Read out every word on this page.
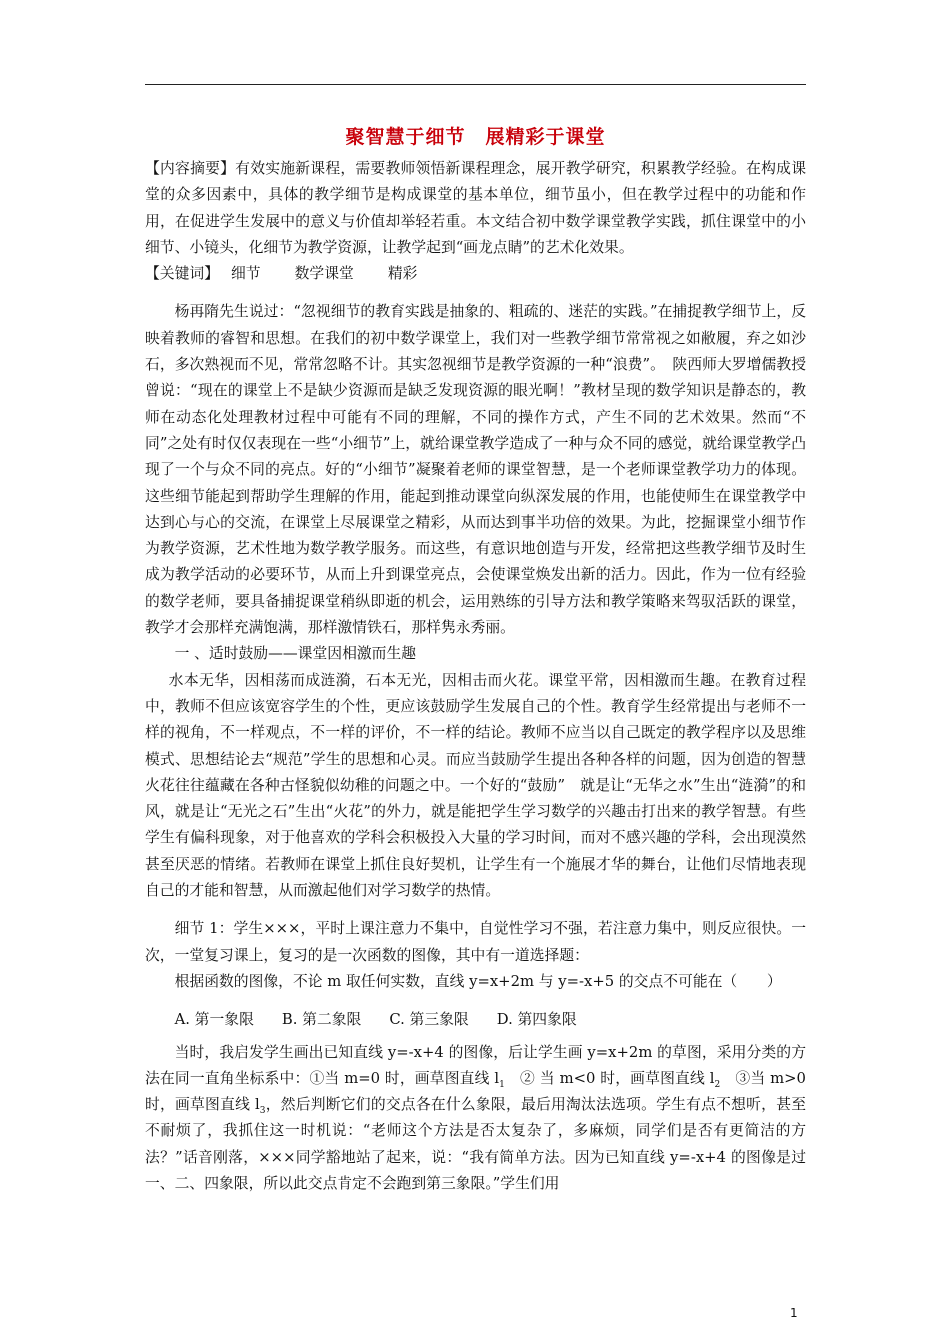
聚智慧于细节　展精彩于课堂

【内容摘要】有效实施新课程，需要教师领悟新课程理念，展开教学研究，积累教学经验。在构成课堂的众多因素中，具体的教学细节是构成课堂的基本单位，细节虽小，但在教学过程中的功能和作用，在促进学生发展中的意义与价值却举轻若重。本文结合初中数学课堂教学实践，抓住课堂中的小细节、小镜头，化细节为教学资源，让教学起到“画龙点睛”的艺术化效果。

【关键词】 细节 数学课堂 精彩

杨再隋先生说过：“忽视细节的教育实践是抽象的、粗疏的、迷茫的实践。”在捕捉教学细节上，反映着教师的睿智和思想。在我们的初中数学课堂上，我们对一些教学细节常常视之如敝履，弃之如沙石，多次熟视而不见，常常忽略不计。其实忽视细节是教学资源的一种“浪费”。　陕西师大罗增儒教授曾说：“现在的课堂上不是缺少资源而是缺乏发现资源的眼光啊！”教材呈现的数学知识是静态的，教师在动态化处理教材过程中可能有不同的理解，不同的操作方式，产生不同的艺术效果。然而“不同”之处有时仅仅表现在一些“小细节”上，就给课堂教学造成了一种与众不同的感觉，就给课堂教学凸现了一个与众不同的亮点。好的“小细节”凝聚着老师的课堂智慧，是一个老师课堂教学功力的体现。这些细节能起到帮助学生理解的作用，能起到推动课堂向纵深发展的作用，也能使师生在课堂教学中达到心与心的交流，在课堂上尽展课堂之精彩，从而达到事半功倍的效果。为此，挖掘课堂小细节作为教学资源，艺术性地为数学教学服务。而这些，有意识地创造与开发，经常把这些教学细节及时生成为教学活动的必要环节，从而上升到课堂亮点，会使课堂焕发出新的活力。因此，作为一位有经验的数学老师，要具备捕捉课堂稍纵即逝的机会，运用熟练的引导方法和教学策略来驾驭活跃的课堂，教学才会那样充满饱满，那样激情铁石，那样隽永秀丽。

一 、适时鼓励——课堂因相激而生趣

水本无华，因相荡而成涟漪，石本无光，因相击而火花。课堂平常，因相激而生趣。在教育过程中，教师不但应该宽容学生的个性，更应该鼓励学生发展自己的个性。教育学生经常提出与老师不一样的视角，不一样观点，不一样的评价，不一样的结论。教师不应当以自己既定的教学程序以及思维模式、思想结论去“规范”学生的思想和心灵。而应当鼓励学生提出各种各样的问题，因为创造的智慧火花往往蕴藏在各种古怪貌似幼稚的问题之中。一个好的“鼓励”　就是让“无华之水”生出“涟漪”的和风，就是让“无光之石”生出“火花”的外力，就是能把学生学习数学的兴趣击打出来的教学智慧。有些学生有偏科现象，对于他喜欢的学科会积极投入大量的学习时间，而对不感兴趣的学科，会出现漠然甚至厌恶的情绪。若教师在课堂上抓住良好契机，让学生有一个施展才华的舞台，让他们尽情地表现自己的才能和智慧，从而激起他们对学习数学的热情。

细节 1：学生×××，平时上课注意力不集中，自觉性学习不强，若注意力集中，则反应很快。一次，一堂复习课上，复习的是一次函数的图像，其中有一道选择题：

根据函数的图像，不论 m 取任何实数，直线 y=x+2m 与 y=-x+5 的交点不可能在（　　）

A. 第一象限 B. 第二象限 C. 第三象限 D. 第四象限

当时，我启发学生画出已知直线 y=-x+4 的图像，后让学生画 y=x+2m 的草图，采用分类的方法在同一直角坐标系中：①当 m=0 时，画草图直线 $l_1$　② 当 m<0 时，画草图直线 $l_2$　③当 m>0 时，画草图直线 $l_3$，然后判断它们的交点各在什么象限，最后用淘汰法选项。学生有点不想听，甚至不耐烦了，我抓住这一时机说：“老师这个方法是否太复杂了，多麻烦，同学们是否有更简洁的方法？”话音刚落，×××同学豁地站了起来，说：“我有简单方法。因为已知直线 y=-x+4 的图像是过一、二、四象限，所以此交点肯定不会跑到第三象限。”学生们用

1
